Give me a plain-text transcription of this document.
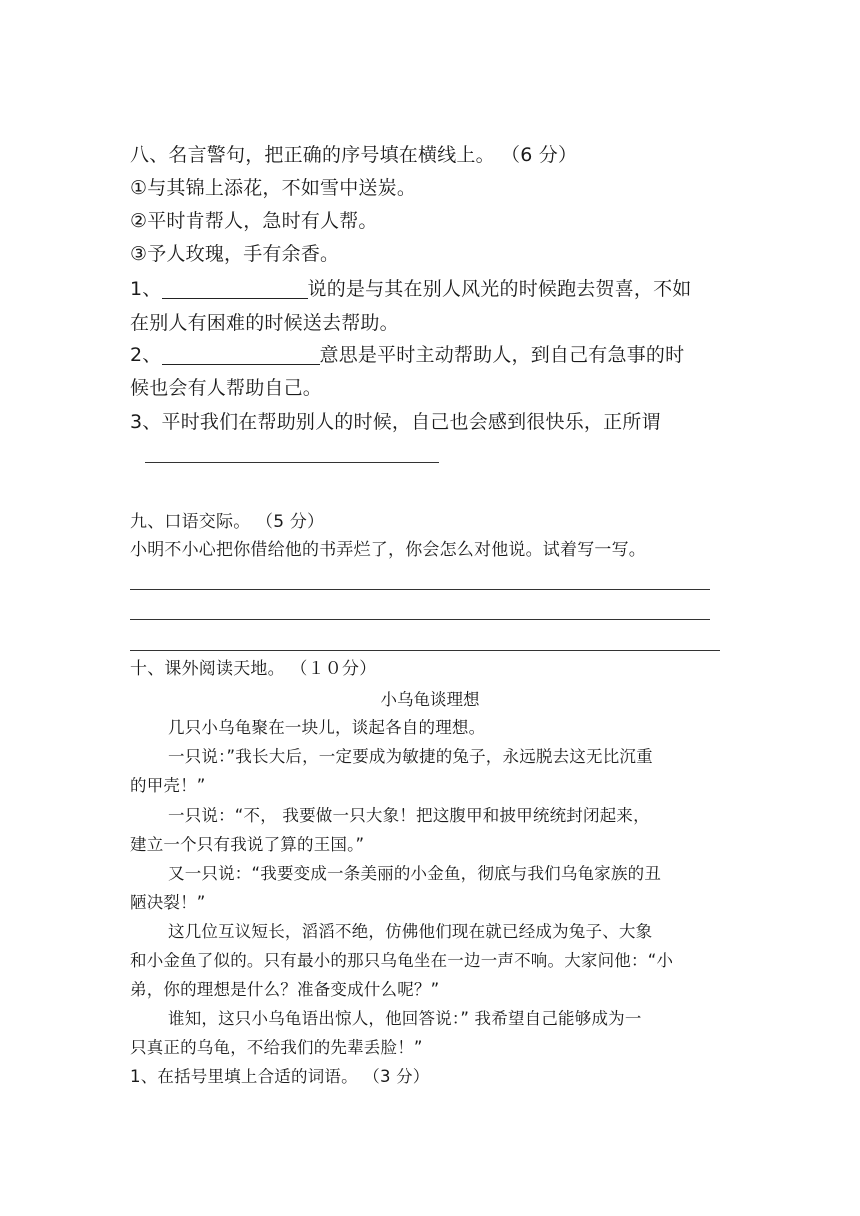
八、名言警句，把正确的序号填在横线上。 （6 分）
①与其锦上添花，不如雪中送炭。
②平时肯帮人，急时有人帮。
③予人玫瑰，手有余香。
1、	说的是与其在别人风光的时候跑去贺喜，不如
在别人有困难的时候送去帮助。
2、	意思是平时主动帮助人，到自己有急事的时
候也会有人帮助自己。
3、平时我们在帮助别人的时候，自己也会感到很快乐，正所谓
九、口语交际。 （5 分）
小明不小心把你借给他的书弄烂了，你会怎么对他说。试着写一写。
十、课外阅读天地。 （１０分）
小乌龟谈理想
几只小乌龟聚在一块儿，谈起各自的理想。
一只说：”我长大后，一定要成为敏捷的兔子，永远脱去这无比沉重
的甲壳！”
一只说：“不， 我要做一只大象！把这腹甲和披甲统统封闭起来，
建立一个只有我说了算的王国。”
又一只说：“我要变成一条美丽的小金鱼，彻底与我们乌龟家族的丑
陋决裂！”
这几位互议短长，滔滔不绝，仿佛他们现在就已经成为兔子、大象
和小金鱼了似的。只有最小的那只乌龟坐在一边一声不响。大家问他：“小
弟，你的理想是什么？准备变成什么呢？”
谁知，这只小乌龟语出惊人，他回答说：” 我希望自己能够成为一
只真正的乌龟，不给我们的先辈丢脸！”
1、在括号里填上合适的词语。 （3 分）
